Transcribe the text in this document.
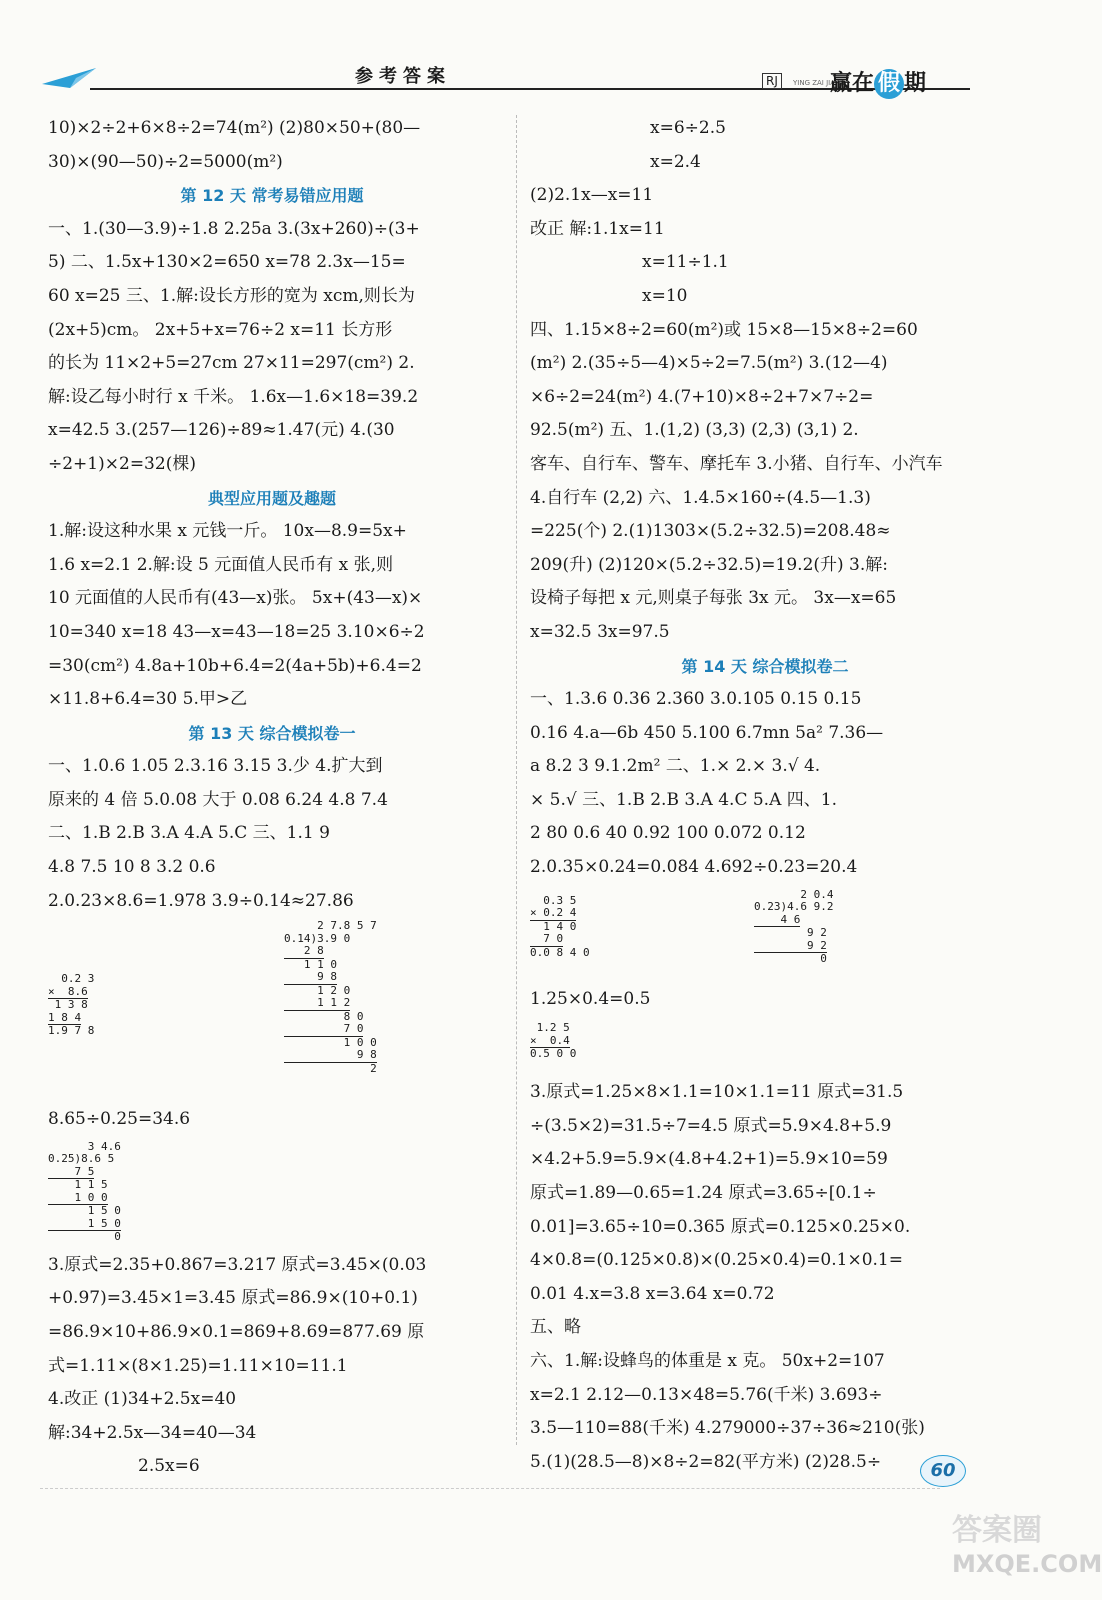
参考答案	RJ	YING ZAI JIA QI
赢在 假 期
10)×2÷2+6×8÷2=74(m²) (2)80×50+(80—
30)×(90—50)÷2=5000(m²)
第 12 天 常考易错应用题
一、1.(30—3.9)÷1.8 2.25a 3.(3x+260)÷(3+
5) 二、1.5x+130×2=650 x=78 2.3x—15=
60 x=25 三、1.解:设长方形的宽为 xcm,则长为
(2x+5)cm。 2x+5+x=76÷2 x=11 长方形
的长为 11×2+5=27cm 27×11=297(cm²) 2.
解:设乙每小时行 x 千米。 1.6x—1.6×18=39.2
x=42.5 3.(257—126)÷89≈1.47(元) 4.(30
÷2+1)×2=32(棵)
典型应用题及趣题
1.解:设这种水果 x 元钱一斤。 10x—8.9=5x+
1.6 x=2.1 2.解:设 5 元面值人民币有 x 张,则
10 元面值的人民币有(43—x)张。 5x+(43—x)×
10=340 x=18 43—x=43—18=25 3.10×6÷2
=30(cm²) 4.8a+10b+6.4=2(4a+5b)+6.4=2
×11.8+6.4=30 5.甲>乙
第 13 天 综合模拟卷一
一、1.0.6 1.05 2.3.16 3.15 3.少 4.扩大到
原来的 4 倍 5.0.08 大于 0.08 6.24 4.8 7.4
二、1.B 2.B 3.A 4.A 5.C 三、1.1 9
4.8 7.5 10 8 3.2 0.6
2.0.23×8.6=1.978 3.9÷0.14≈27.86
0.2 3
×  8.6
1 3 8
1 8 4
1.9 7 8
2 7.8 5 7
0.14)3.9 0
2 8
1 1 0
9 8
1 2 0
1 1 2
8 0
7 0
1 0 0
9 8
2
8.65÷0.25=34.6
3 4.6
0.25)8.6 5
7 5
1 1 5
1 0 0
1 5 0
1 5 0
0
3.原式=2.35+0.867=3.217 原式=3.45×(0.03
+0.97)=3.45×1=3.45 原式=86.9×(10+0.1)
=86.9×10+86.9×0.1=869+8.69=877.69 原
式=1.11×(8×1.25)=1.11×10=11.1
4.改正 (1)34+2.5x=40
解:34+2.5x—34=40—34
2.5x=6
x=6÷2.5
x=2.4
(2)2.1x—x=11
改正 解:1.1x=11
x=11÷1.1
x=10
四、1.15×8÷2=60(m²)或 15×8—15×8÷2=60
(m²) 2.(35÷5—4)×5÷2=7.5(m²) 3.(12—4)
×6÷2=24(m²) 4.(7+10)×8÷2+7×7÷2=
92.5(m²) 五、1.(1,2) (3,3) (2,3) (3,1) 2.
客车、自行车、警车、摩托车 3.小猪、自行车、小汽车
4.自行车 (2,2) 六、1.4.5×160÷(4.5—1.3)
=225(个) 2.(1)1303×(5.2÷32.5)=208.48≈
209(升) (2)120×(5.2÷32.5)=19.2(升) 3.解:
设椅子每把 x 元,则桌子每张 3x 元。 3x—x=65
x=32.5 3x=97.5
第 14 天 综合模拟卷二
一、1.3.6 0.36 2.360 3.0.105 0.15 0.15
0.16 4.a—6b 450 5.100 6.7mn 5a² 7.36—
a 8.2 3 9.1.2m² 二、1.× 2.× 3.√ 4.
× 5.√ 三、1.B 2.B 3.A 4.C 5.A 四、1.
2 80 0.6 40 0.92 100 0.072 0.12
2.0.35×0.24=0.084 4.692÷0.23=20.4
0.3 5
× 0.2 4
1 4 0
7 0
0.0 8 4 0
2 0.4
0.23)4.6 9.2
4 6
9 2
9 2
0
1.25×0.4=0.5
1.2 5
×  0.4
0.5 0 0
3.原式=1.25×8×1.1=10×1.1=11 原式=31.5
÷(3.5×2)=31.5÷7=4.5 原式=5.9×4.8+5.9
×4.2+5.9=5.9×(4.8+4.2+1)=5.9×10=59
原式=1.89—0.65=1.24 原式=3.65÷[0.1÷
0.01]=3.65÷10=0.365 原式=0.125×0.25×0.
4×0.8=(0.125×0.8)×(0.25×0.4)=0.1×0.1=
0.01 4.x=3.8 x=3.64 x=0.72
五、略
六、1.解:设蜂鸟的体重是 x 克。 50x+2=107
x=2.1 2.12—0.13×48=5.76(千米) 3.693÷
3.5—110=88(千米) 4.279000÷37÷36≈210(张)
5.(1)(28.5—8)×8÷2=82(平方米) (2)28.5÷	60
答案圈
MXQE.COM
